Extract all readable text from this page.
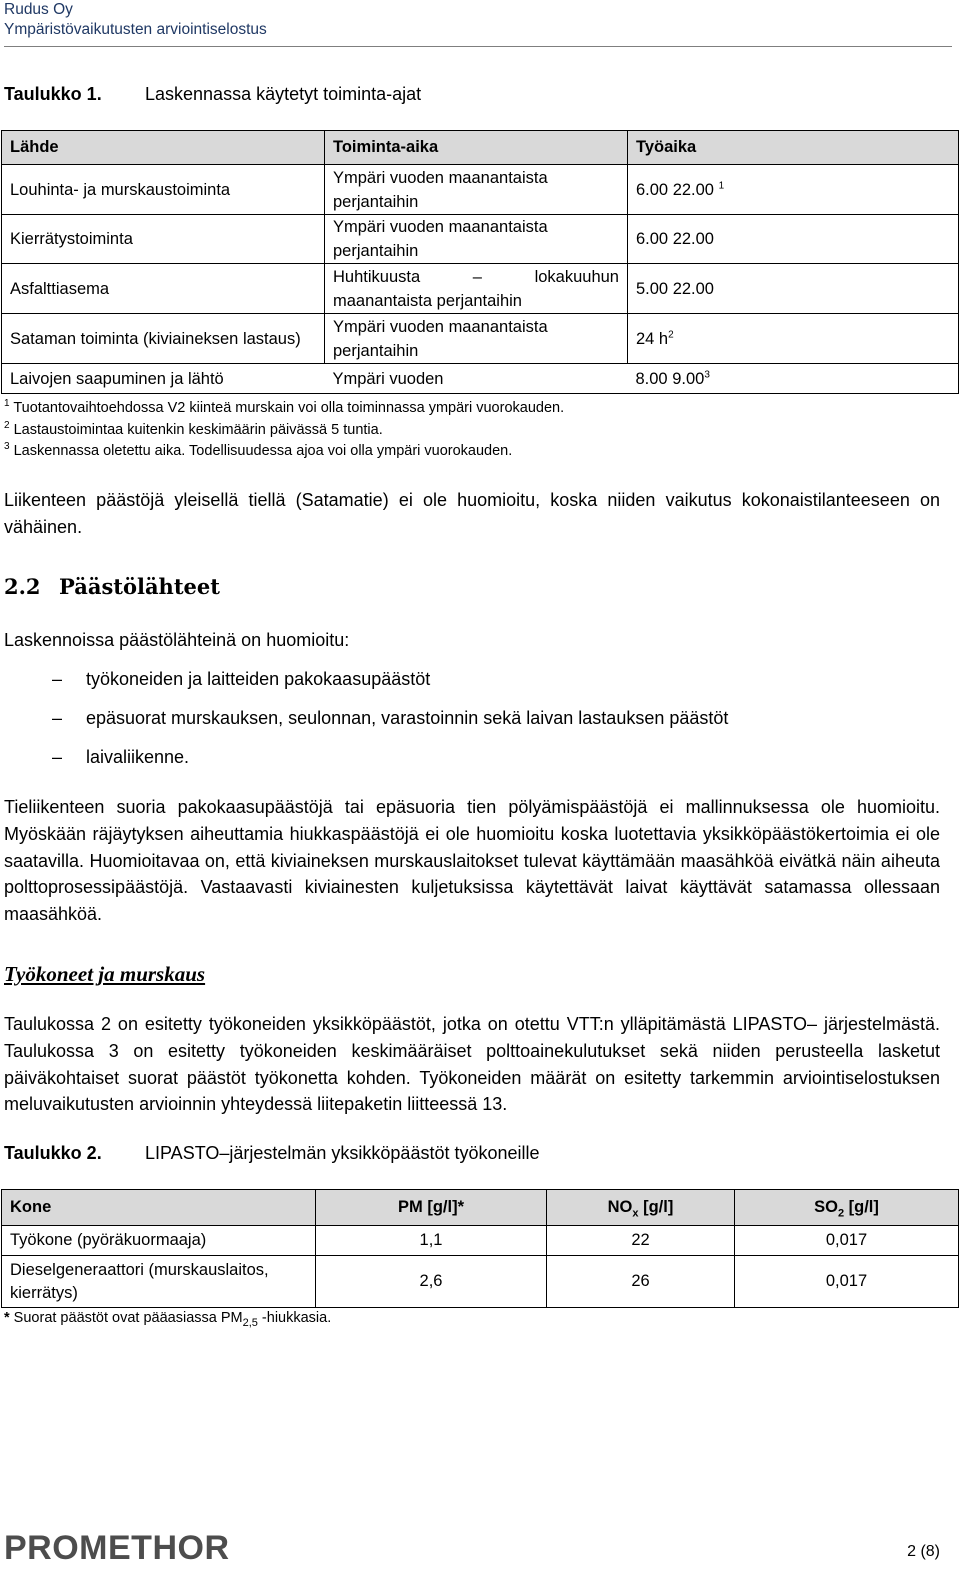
Rudus Oy
Ympäristövaikutusten arviointiselostus
Taulukko 1. Laskennassa käytetyt toiminta-ajat
Lähde	Toiminta-aika	Työaika
Louhinta- ja murskaustoiminta	Ympäri vuoden maanantaista perjantaihin	6.00 22.00 $^1$
Kierrätystoiminta	Ympäri vuoden maanantaista perjantaihin	6.00 22.00
Asfalttiasema	Huhtikuusta – lokakuuhun maanantaista perjantaihin	5.00 22.00
Sataman toiminta (kiviaineksen lastaus)	Ympäri vuoden maanantaista perjantaihin	24 $h^2$
Laivojen saapuminen ja lähtö	Ympäri vuoden	8.00 9.00$^3$
$^1$ Tuotantovaihtoehdossa V2 kiinteä murskain voi olla toiminnassa ympäri vuorokauden.
$^2$ Lastaustoimintaa kuitenkin keskimäärin päivässä 5 tuntia.
$^3$ Laskennassa oletettu aika. Todellisuudessa ajoa voi olla ympäri vuorokauden.
Liikenteen päästöjä yleisellä tiellä (Satamatie) ei ole huomioitu, koska niiden vaikutus kokonaistilanteeseen on vähäinen.
2.2 Päästölähteet
Laskennoissa päästölähteinä on huomioitu:
– työkoneiden ja laitteiden pakokaasupäästöt
– epäsuorat murskauksen, seulonnan, varastoinnin sekä laivan lastauksen päästöt
– laivaliikenne.
Tieliikenteen suoria pakokaasupäästöjä tai epäsuoria tien pölyämispäästöjä ei mallinnuksessa ole huomioitu. Myöskään räjäytyksen aiheuttamia hiukkaspäästöjä ei ole huomioitu koska luotettavia yksikköpäästökertoimia ei ole saatavilla. Huomioitavaa on, että kiviaineksen murskauslaitokset tulevat käyttämään maasähköä eivätkä näin aiheuta polttoprosessipäästöjä. Vastaavasti kiviainesten kuljetuksissa käytettävät laivat käyttävät satamassa ollessaan maasähköä.
Työkoneet ja murskaus
Taulukossa 2 on esitetty työkoneiden yksikköpäästöt, jotka on otettu VTT:n ylläpitämästä LIPASTO– järjestelmästä. Taulukossa 3 on esitetty työkoneiden keskimääräiset polttoainekulutukset sekä niiden perusteella lasketut päiväkohtaiset suorat päästöt työkonetta kohden. Työkoneiden määrät on esitetty tarkemmin arviointiselostuksen meluvaikutusten arvioinnin yhteydessä liitepaketin liitteessä 13.
Taulukko 2. LIPASTO–järjestelmän yksikköpäästöt työkoneille
Kone	PM [g/l]*	$NO_x$ [g/l]	$SO_2$ [g/l]
Työkone (pyöräkuormaaja)	1,1	22	0,017
Dieselgeneraattori (murskauslaitos, kierrätys)	2,6	26	0,017
* Suorat päästöt ovat pääasiassa $PM_{2,5}$ -hiukkasia.
PROMETHOR	2 (8)
